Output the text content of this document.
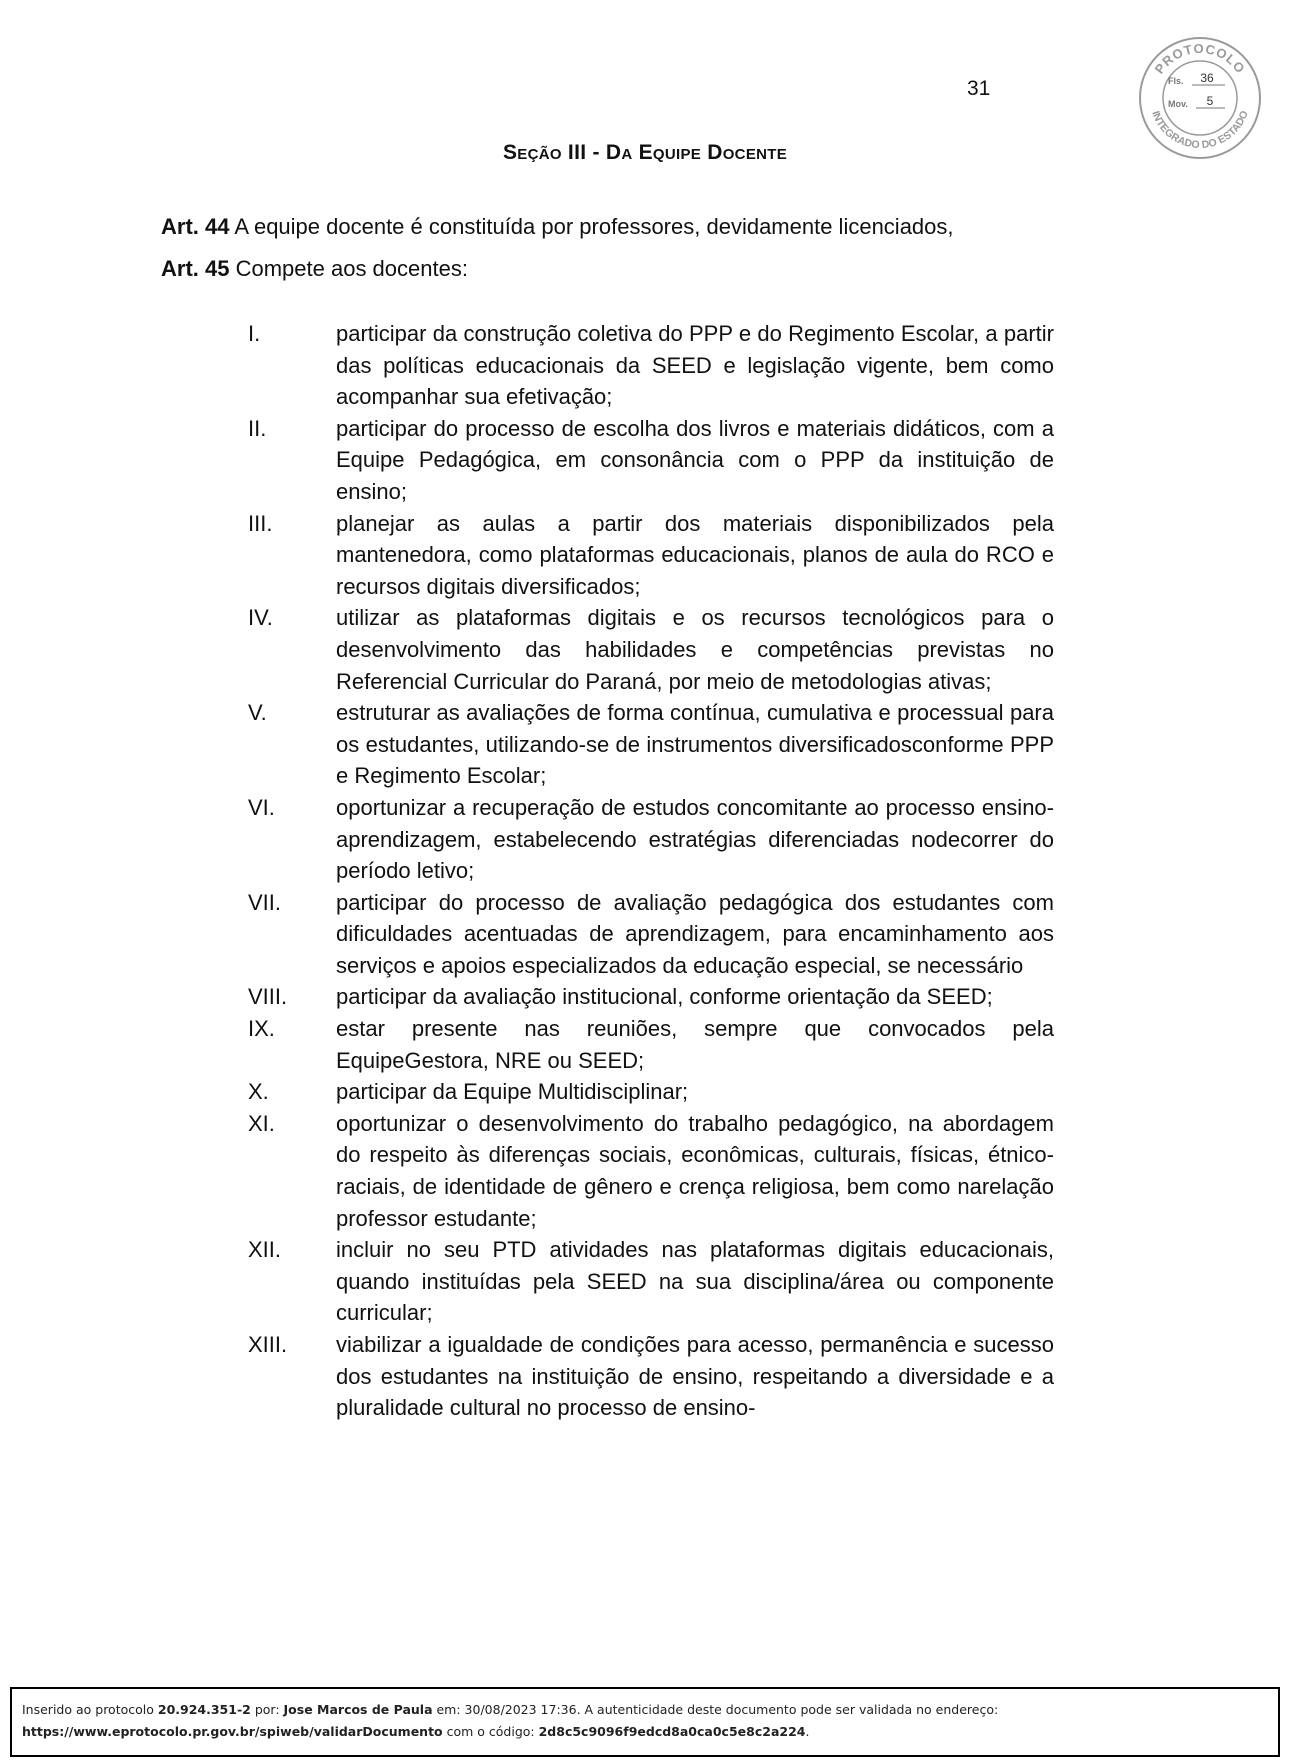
31
PROTOCOLO
INTEGRADO DO ESTADO
Fls. 36
Mov. 5
Seção III - Da Equipe Docente
Art. 44 A equipe docente é constituída por professores, devidamente licenciados,
Art. 45 Compete aos docentes:
I.	participar da construção coletiva do PPP e do Regimento Escolar, a partir das políticas educacionais da SEED e legislação vigente, bem como acompanhar sua efetivação;
II.	participar do processo de escolha dos livros e materiais didáticos, com a Equipe Pedagógica, em consonância com o PPP da instituição de ensino;
III.	planejar as aulas a partir dos materiais disponibilizados pela mantenedora, como plataformas educacionais, planos de aula do RCO e recursos digitais diversificados;
IV.	utilizar as plataformas digitais e os recursos tecnológicos para o desenvolvimento das habilidades e competências previstas no Referencial Curricular do Paraná, por meio de metodologias ativas;
V.	estruturar as avaliações de forma contínua, cumulativa e processual para os estudantes, utilizando-se de instrumentos diversificadosconforme PPP e Regimento Escolar;
VI.	oportunizar a recuperação de estudos concomitante ao processo ensino-aprendizagem, estabelecendo estratégias diferenciadas nodecorrer do período letivo;
VII.	participar do processo de avaliação pedagógica dos estudantes com dificuldades acentuadas de aprendizagem, para encaminhamento aos serviços e apoios especializados da educação especial, se necessário
VIII.	participar da avaliação institucional, conforme orientação da SEED;
IX.	estar presente nas reuniões, sempre que convocados pela EquipeGestora, NRE ou SEED;
X.	participar da Equipe Multidisciplinar;
XI.	oportunizar o desenvolvimento do trabalho pedagógico, na abordagem do respeito às diferenças sociais, econômicas, culturais, físicas, étnico- raciais, de identidade de gênero e crença religiosa, bem como narelação professor estudante;
XII.	incluir no seu PTD atividades nas plataformas digitais educacionais, quando instituídas pela SEED na sua disciplina/área ou componente curricular;
XIII.	viabilizar a igualdade de condições para acesso, permanência e sucesso dos estudantes na instituição de ensino, respeitando a diversidade e a pluralidade cultural no processo de ensino-
Inserido ao protocolo 20.924.351-2 por: Jose Marcos de Paula em: 30/08/2023 17:36. A autenticidade deste documento pode ser validada no endereço:
https://www.eprotocolo.pr.gov.br/spiweb/validarDocumento com o código: 2d8c5c9096f9edcd8a0ca0c5e8c2a224.
